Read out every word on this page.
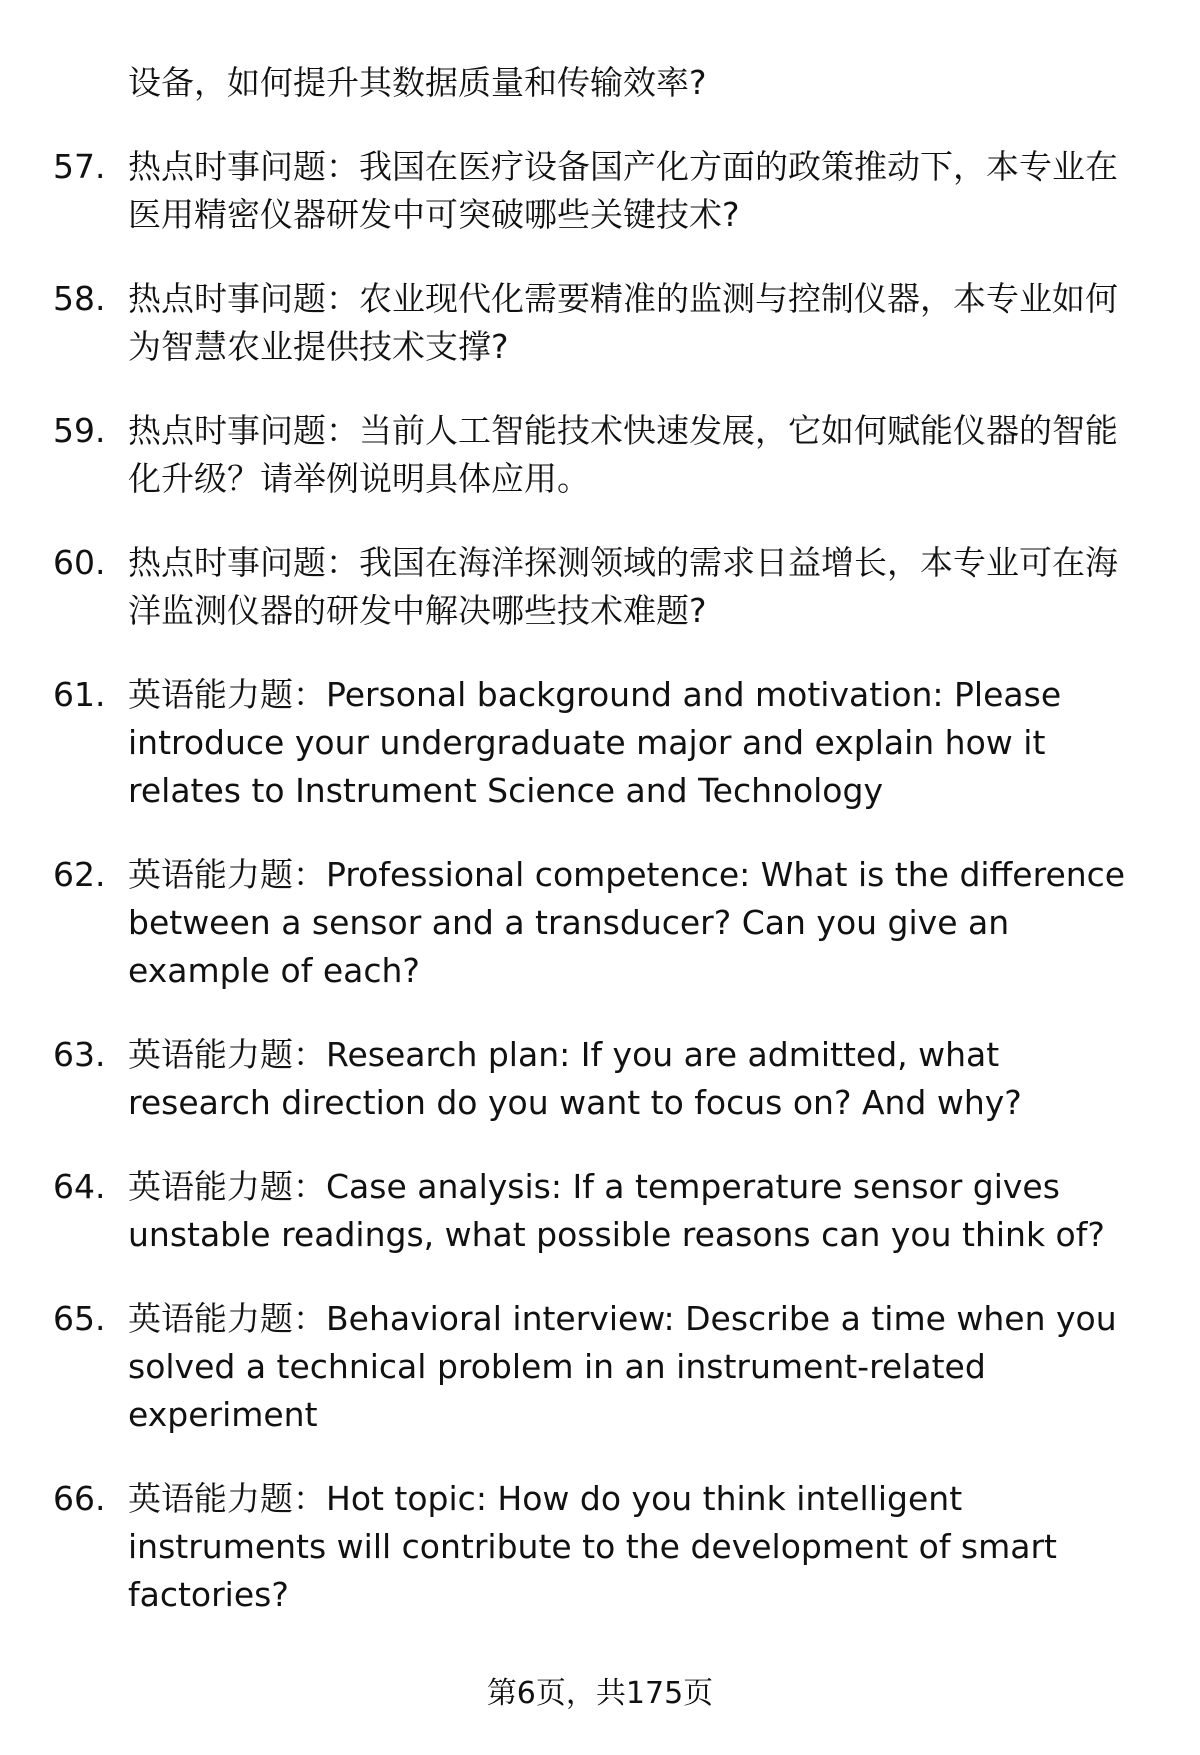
设备，如何提升其数据质量和传输效率?
57. 热点时事问题：我国在医疗设备国产化方面的政策推动下，本专业在医用精密仪器研发中可突破哪些关键技术?
58. 热点时事问题：农业现代化需要精准的监测与控制仪器，本专业如何为智慧农业提供技术支撑?
59. 热点时事问题：当前人工智能技术快速发展，它如何赋能仪器的智能化升级？请举例说明具体应用。
60. 热点时事问题：我国在海洋探测领域的需求日益增长，本专业可在海洋监测仪器的研发中解决哪些技术难题?
61. 英语能力题：Personal background and motivation: Please introduce your undergraduate major and explain how it relates to Instrument Science and Technology
62. 英语能力题：Professional competence: What is the difference between a sensor and a transducer? Can you give an example of each?
63. 英语能力题：Research plan: If you are admitted, what research direction do you want to focus on? And why?
64. 英语能力题：Case analysis: If a temperature sensor gives unstable readings, what possible reasons can you think of?
65. 英语能力题：Behavioral interview: Describe a time when you solved a technical problem in an instrument-related experiment
66. 英语能力题：Hot topic: How do you think intelligent instruments will contribute to the development of smart factories?
第6页，共175页
